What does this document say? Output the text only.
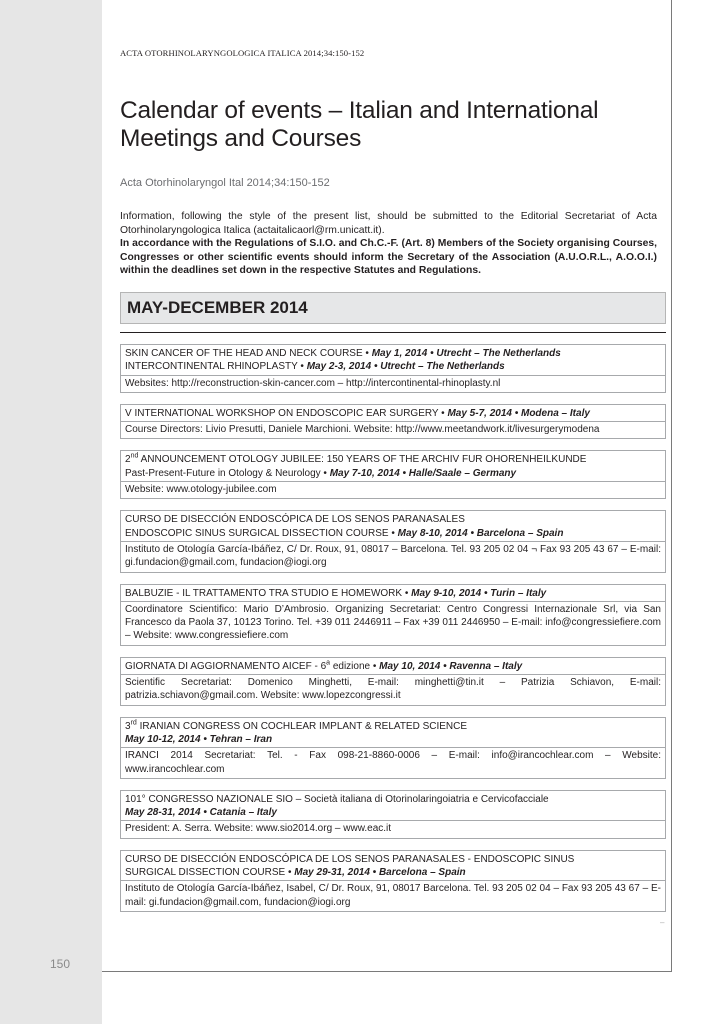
150
ACTA OTORHINOLARYNGOLOGICA ITALICA 2014;34:150-152
Calendar of events – Italian and International Meetings and Courses
Acta Otorhinolaryngol Ital 2014;34:150-152

Information, following the style of the present list, should be submitted to the Editorial Secretariat of Acta Otorhinolaryngologica Italica (actaitalicaorl@rm.unicatt.it).

In accordance with the Regulations of S.I.O. and Ch.C.-F. (Art. 8) Members of the Society organising Courses, Congresses or other scientific events should inform the Secretary of the Association (A.U.O.R.L., A.O.O.I.) within the deadlines set down in the respective Statutes and Regulations.

MAY-DECEMBER 2014
SKIN CANCER OF THE HEAD AND NECK COURSE • May 1, 2014 • Utrecht – The Netherlands
INTERCONTINENTAL RHINOPLASTY • May 2-3, 2014 • Utrecht – The Netherlands
Websites: http://reconstruction-skin-cancer.com – http://intercontinental-rhinoplasty.nl
V INTERNATIONAL WORKSHOP ON ENDOSCOPIC EAR SURGERY • May 5-7, 2014 • Modena – Italy
Course Directors: Livio Presutti, Daniele Marchioni. Website: http://www.meetandwork.it/livesurgerymodena
2nd ANNOUNCEMENT OTOLOGY JUBILEE: 150 YEARS OF THE ARCHIV FUR OHORENHEILKUNDE
Past-Present-Future in Otology & Neurology • May 7-10, 2014 • Halle/Saale – Germany
Website: www.otology-jubilee.com
CURSO DE DISECCIÓN ENDOSCÓPICA DE LOS SENOS PARANASALES
ENDOSCOPIC SINUS SURGICAL DISSECTION COURSE • May 8-10, 2014 • Barcelona – Spain
Instituto de Otología García-Ibáñez, C/ Dr. Roux, 91, 08017 – Barcelona. Tel. 93 205 02 04 ¬ Fax 93 205 43 67 – E-mail: gi.fundacion@gmail.com, fundacion@iogi.org
BALBUZIE - IL TRATTAMENTO TRA STUDIO E HOMEWORK • May 9-10, 2014 • Turin – Italy
Coordinatore Scientifico: Mario D’Ambrosio. Organizing Secretariat: Centro Congressi Internazionale Srl, via San Francesco da Paola 37, 10123 Torino. Tel. +39 011 2446911 – Fax +39 011 2446950 – E-mail: info@congressiefiere.com – Website: www.congressiefiere.com
GIORNATA DI AGGIORNAMENTO AICEF - 6$^a$ edizione • May 10, 2014 • Ravenna – Italy
Scientific Secretariat: Domenico Minghetti, E-mail: minghetti@tin.it – Patrizia Schiavon, E-mail: patrizia.schiavon@gmail.com. Website: www.lopezcongressi.it
3rd IRANIAN CONGRESS ON COCHLEAR IMPLANT & RELATED SCIENCE
May 10-12, 2014 • Tehran – Iran
IRANCI 2014 Secretariat: Tel. - Fax 098-21-8860-0006 – E-mail: info@irancochlear.com – Website: www.irancochlear.com
101° CONGRESSO NAZIONALE SIO – Società italiana di Otorinolaringoiatria e Cervicofacciale
May 28-31, 2014 • Catania – Italy
President: A. Serra. Website: www.sio2014.org – www.eac.it
CURSO DE DISECCIÓN ENDOSCÓPICA DE LOS SENOS PARANASALES - ENDOSCOPIC SINUS
SURGICAL DISSECTION COURSE • May 29-31, 2014 • Barcelona – Spain
Instituto de Otología García-Ibáñez, Isabel, C/ Dr. Roux, 91, 08017 Barcelona. Tel. 93 205 02 04 – Fax 93 205 43 67 – E-mail: gi.fundacion@gmail.com, fundacion@iogi.org
–
